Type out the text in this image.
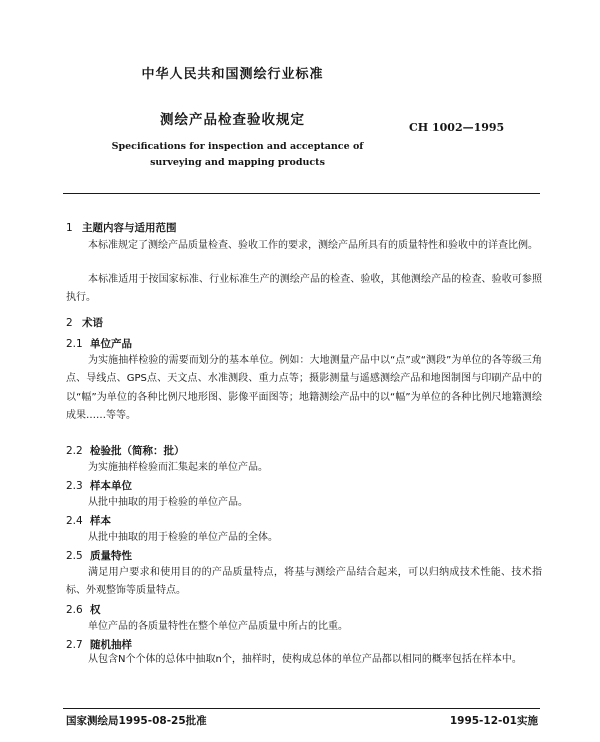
中华人民共和国测绘行业标准
测绘产品检查验收规定	CH 1002—1995
Specifications for inspection and acceptance of
surveying and mapping products
1 主题内容与适用范围

本标准规定了测绘产品质量检查、验收工作的要求，测绘产品所具有的质量特性和验收中的详查比例。

本标准适用于按国家标准、行业标准生产的测绘产品的检查、验收，其他测绘产品的检查、验收可参照执行。

2 术语
2.1 单位产品

为实施抽样检验的需要而划分的基本单位。例如：大地测量产品中以“点”或“测段”为单位的各等级三角点、导线点、GPS点、天文点、水准测段、重力点等；摄影测量与遥感测绘产品和地图制图与印刷产品中的以“幅”为单位的各种比例尺地形图、影像平面图等；地籍测绘产品中的以“幅”为单位的各种比例尺地籍测绘成果……等等。

2.2 检验批（简称：批）

为实施抽样检验而汇集起来的单位产品。

2.3 样本单位

从批中抽取的用于检验的单位产品。

2.4 样本

从批中抽取的用于检验的单位产品的全体。

2.5 质量特性

满足用户要求和使用目的的产品质量特点，将基与测绘产品结合起来，可以归纳成技术性能、技术指标、外观整饰等质量特点。

2.6 权

单位产品的各质量特性在整个单位产品质量中所占的比重。

2.7 随机抽样

从包含N个个体的总体中抽取n个，抽样时，使构成总体的单位产品都以相同的概率包括在样本中。

国家测绘局1995-08-25批准	1995-12-01实施
